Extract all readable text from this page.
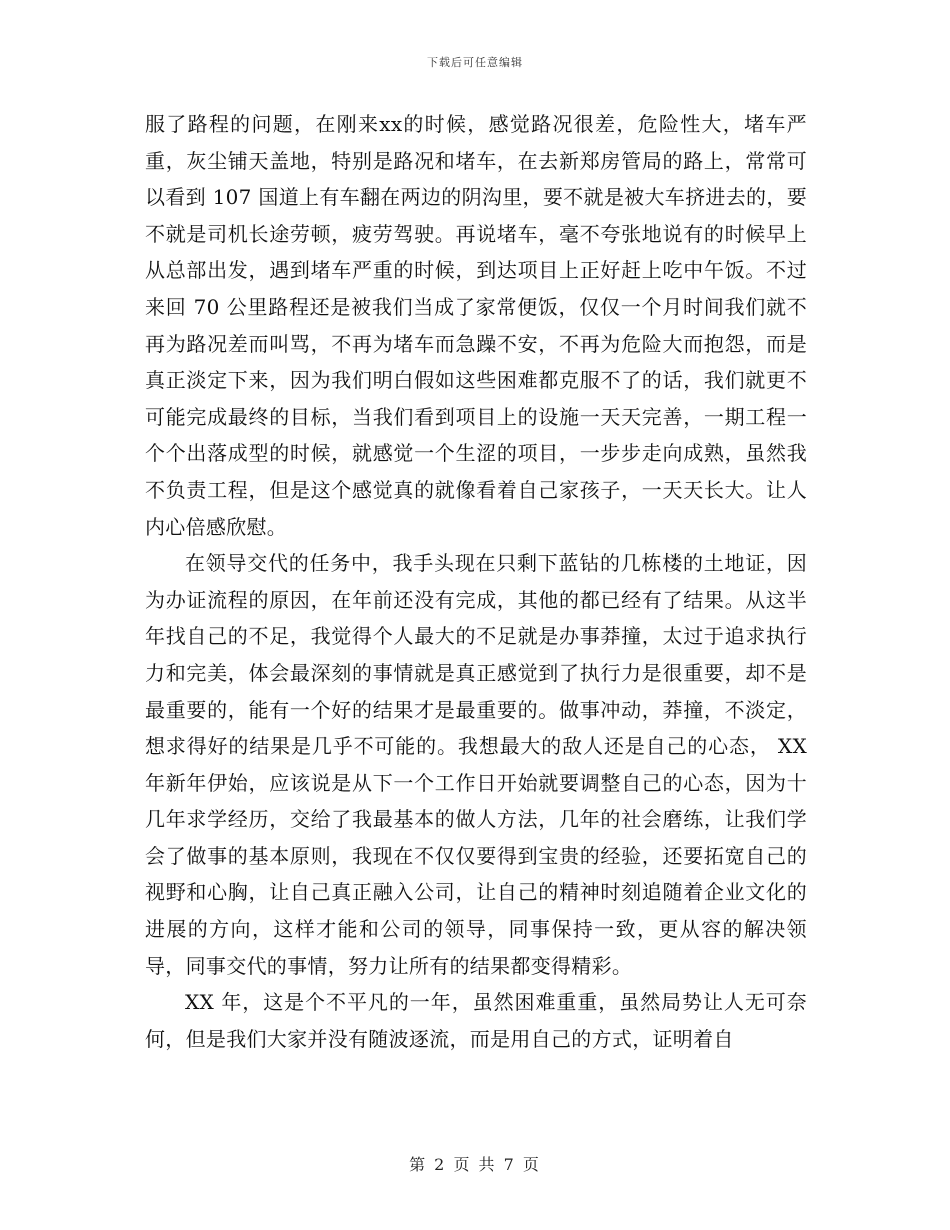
下载后可任意编辑

服了路程的问题，在刚来xx的时候，感觉路况很差，危险性大，堵车严重，灰尘铺天盖地，特别是路况和堵车，在去新郑房管局的路上，常常可以看到 107 国道上有车翻在两边的阴沟里，要不就是被大车挤进去的，要不就是司机长途劳顿，疲劳驾驶。再说堵车，毫不夸张地说有的时候早上从总部出发，遇到堵车严重的时候，到达项目上正好赶上吃中午饭。不过来回 70 公里路程还是被我们当成了家常便饭，仅仅一个月时间我们就不再为路况差而叫骂，不再为堵车而急躁不安，不再为危险大而抱怨，而是真正淡定下来，因为我们明白假如这些困难都克服不了的话，我们就更不可能完成最终的目标，当我们看到项目上的设施一天天完善，一期工程一个个出落成型的时候，就感觉一个生涩的项目，一步步走向成熟，虽然我不负责工程，但是这个感觉真的就像看着自己家孩子，一天天长大。让人内心倍感欣慰。

在领导交代的任务中，我手头现在只剩下蓝钻的几栋楼的土地证，因为办证流程的原因，在年前还没有完成，其他的都已经有了结果。从这半年找自己的不足，我觉得个人最大的不足就是办事莽撞，太过于追求执行力和完美，体会最深刻的事情就是真正感觉到了执行力是很重要，却不是最重要的，能有一个好的结果才是最重要的。做事冲动，莽撞，不淡定，想求得好的结果是几乎不可能的。我想最大的敌人还是自己的心态， XX 年新年伊始，应该说是从下一个工作日开始就要调整自己的心态，因为十几年求学经历，交给了我最基本的做人方法，几年的社会磨练，让我们学会了做事的基本原则，我现在不仅仅要得到宝贵的经验，还要拓宽自己的视野和心胸，让自己真正融入公司，让自己的精神时刻追随着企业文化的进展的方向，这样才能和公司的领导，同事保持一致，更从容的解决领导，同事交代的事情，努力让所有的结果都变得精彩。

XX 年，这是个不平凡的一年，虽然困难重重，虽然局势让人无可奈何，但是我们大家并没有随波逐流，而是用自己的方式，证明着自

第 2 页 共 7 页
